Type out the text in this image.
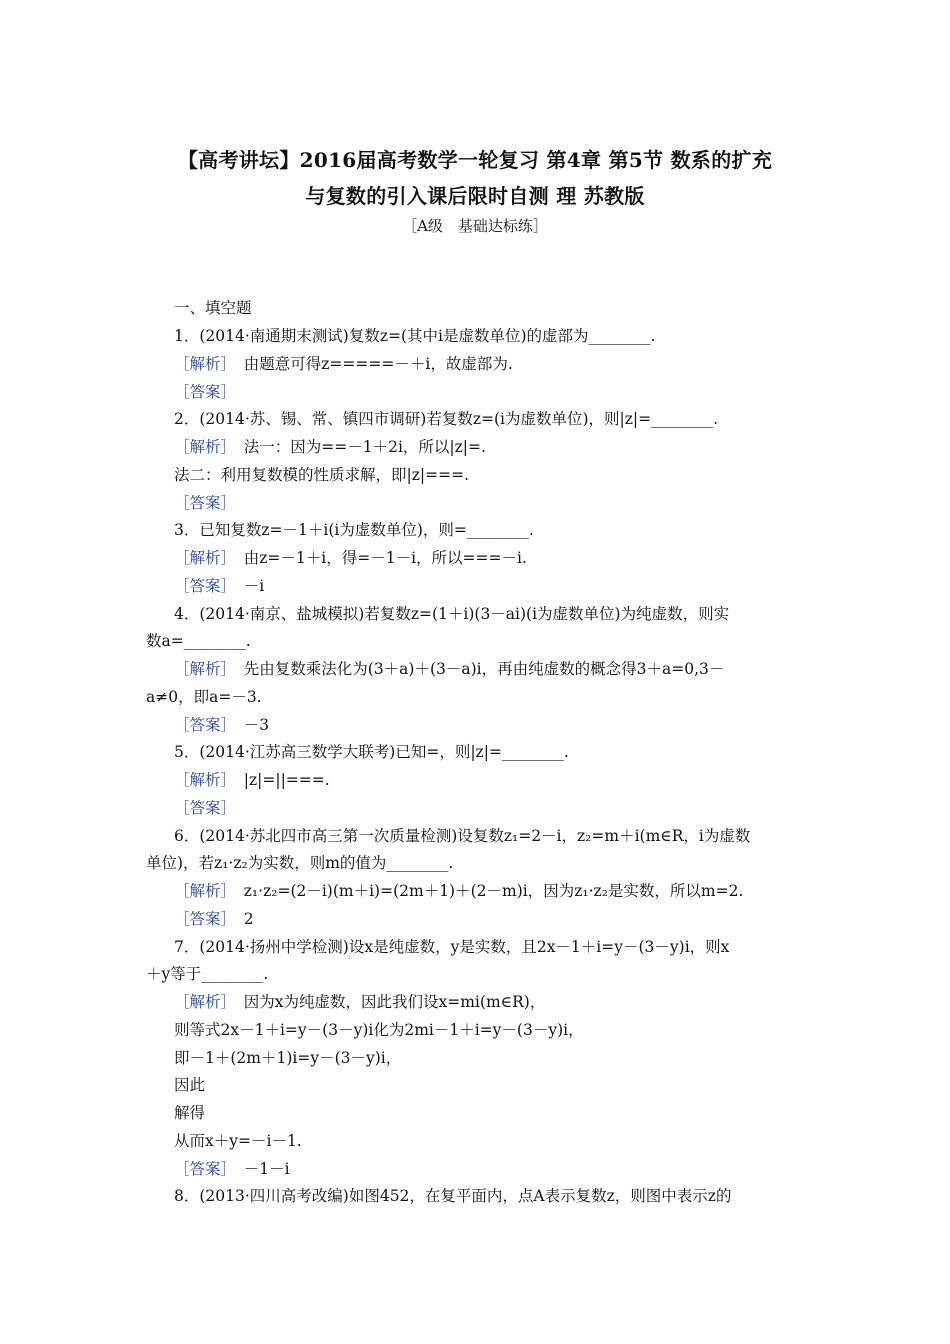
【高考讲坛】2016届高考数学一轮复习 第4章 第5节 数系的扩充
与复数的引入课后限时自测 理 苏教版
［A级　基础达标练］
一、填空题
1．(2014·南通期末测试)复数z=(其中i是虚数单位)的虚部为________.
［解析］　由题意可得z=====－＋i，故虚部为.
［答案］
2．(2014·苏、锡、常、镇四市调研)若复数z=(i为虚数单位)，则|z|=________.
［解析］　法一：因为==－1＋2i，所以|z|=.
法二：利用复数模的性质求解，即|z|===.
［答案］
3．已知复数z=－1＋i(i为虚数单位)，则=________.
［解析］　由z=－1＋i，得=－1－i，所以===－i.
［答案］　－i
4．(2014·南京、盐城模拟)若复数z=(1＋i)(3－ai)(i为虚数单位)为纯虚数，则实
数a=________.
［解析］　先由复数乘法化为(3＋a)＋(3－a)i，再由纯虚数的概念得3＋a=0,3－
a≠0，即a=－3.
［答案］　－3
5．(2014·江苏高三数学大联考)已知=，则|z|=________.
［解析］　|z|=||===.
［答案］
6．(2014·苏北四市高三第一次质量检测)设复数z₁=2－i，z₂=m＋i(m∈R，i为虚数
单位)，若z₁·z₂为实数，则m的值为________.
［解析］　z₁·z₂=(2－i)(m＋i)=(2m＋1)＋(2－m)i，因为z₁·z₂是实数，所以m=2.
［答案］　2
7．(2014·扬州中学检测)设x是纯虚数，y是实数，且2x－1＋i=y－(3－y)i，则x
＋y等于________.
［解析］　因为x为纯虚数，因此我们设x=mi(m∈R)，
则等式2x－1＋i=y－(3－y)i化为2mi－1＋i=y－(3－y)i，
即－1＋(2m＋1)i=y－(3－y)i，
因此
解得
从而x＋y=－i－1.
［答案］　－1－i
8．(2013·四川高考改编)如图452，在复平面内，点A表示复数z，则图中表示z的
